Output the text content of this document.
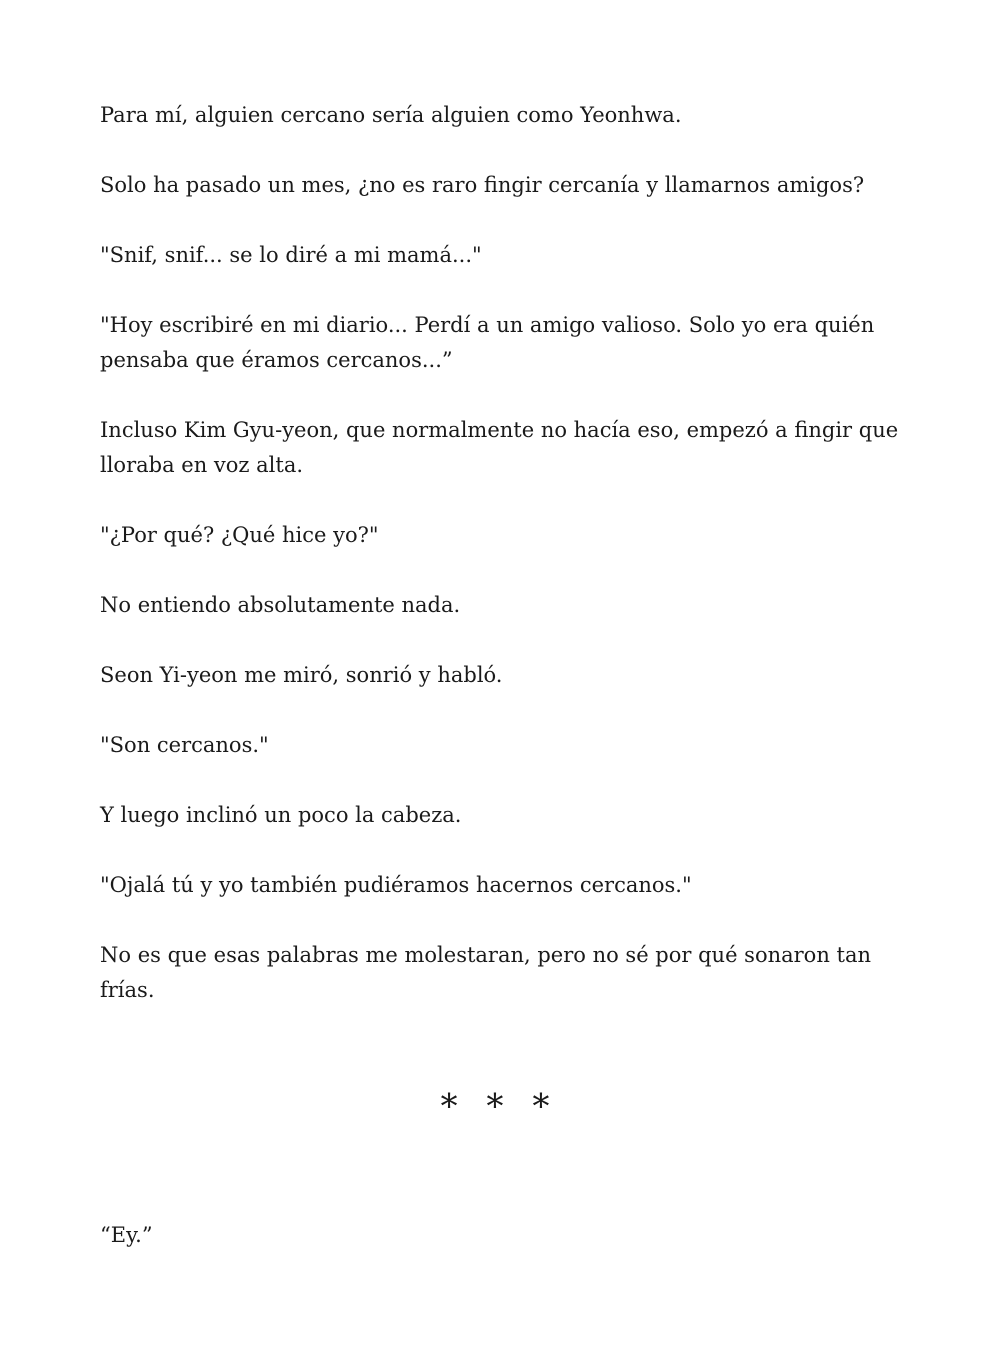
Para mí, alguien cercano sería alguien como Yeonhwa.

Solo ha pasado un mes, ¿no es raro fingir cercanía y llamarnos amigos?

"Snif, snif... se lo diré a mi mamá..."

"Hoy escribiré en mi diario... Perdí a un amigo valioso. Solo yo era quién pensaba que éramos cercanos...”

Incluso Kim Gyu-yeon, que normalmente no hacía eso, empezó a fingir que lloraba en voz alta.

"¿Por qué? ¿Qué hice yo?"

No entiendo absolutamente nada.

Seon Yi-yeon me miró, sonrió y habló.

"Son cercanos."

Y luego inclinó un poco la cabeza.

"Ojalá tú y yo también pudiéramos hacernos cercanos."

No es que esas palabras me molestaran, pero no sé por qué sonaron tan frías.

∗ ∗ ∗

“Ey.”
